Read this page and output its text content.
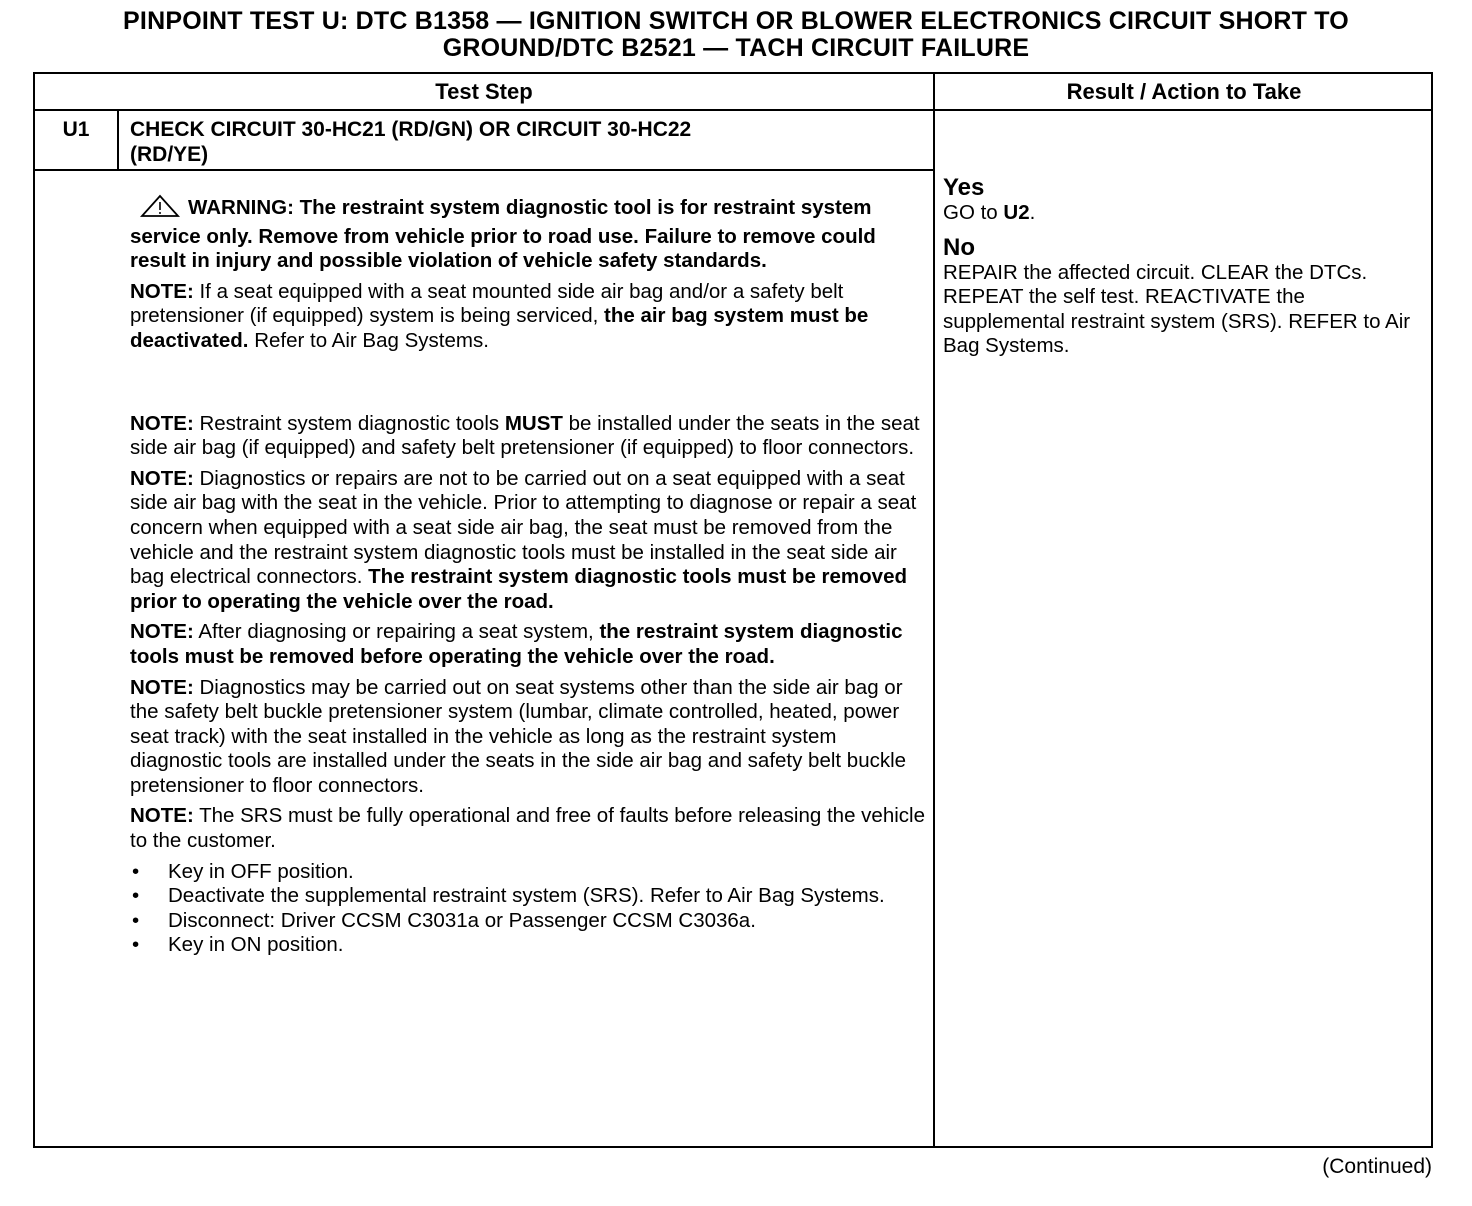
PINPOINT TEST U: DTC B1358 — IGNITION SWITCH OR BLOWER ELECTRONICS CIRCUIT SHORT TO
GROUND/DTC B2521 — TACH CIRCUIT FAILURE
Test Step	Result / Action to Take
U1	CHECK CIRCUIT 30-HC21 (RD/GN) OR CIRCUIT 30-HC22
(RD/YE)

WARNING: The restraint system diagnostic tool is for restraint system service only. Remove from vehicle prior to road use. Failure to remove could result in injury and possible violation of vehicle safety standards.

NOTE: If a seat equipped with a seat mounted side air bag and/or a safety belt pretensioner (if equipped) system is being serviced, the air bag system must be deactivated. Refer to Air Bag Systems.

NOTE: Restraint system diagnostic tools MUST be installed under the seats in the seat side air bag (if equipped) and safety belt pretensioner (if equipped) to floor connectors.

NOTE: Diagnostics or repairs are not to be carried out on a seat equipped with a seat side air bag with the seat in the vehicle. Prior to attempting to diagnose or repair a seat concern when equipped with a seat side air bag, the seat must be removed from the vehicle and the restraint system diagnostic tools must be installed in the seat side air bag electrical connectors. The restraint system diagnostic tools must be removed prior to operating the vehicle over the road.

NOTE: After diagnosing or repairing a seat system, the restraint system diagnostic tools must be removed before operating the vehicle over the road.

NOTE: Diagnostics may be carried out on seat systems other than the side air bag or the safety belt buckle pretensioner system (lumbar, climate controlled, heated, power seat track) with the seat installed in the vehicle as long as the restraint system diagnostic tools are installed under the seats in the side air bag and safety belt buckle pretensioner to floor connectors.

NOTE: The SRS must be fully operational and free of faults before releasing the vehicle to the customer.

• Key in OFF position.
• Deactivate the supplemental restraint system (SRS). Refer to Air Bag Systems.
• Disconnect: Driver CCSM C3031a or Passenger CCSM C3036a.
• Key in ON position.
Yes

GO to U2.

No

REPAIR the affected circuit. CLEAR the DTCs. REPEAT the self test. REACTIVATE the supplemental restraint system (SRS). REFER to Air Bag Systems.

(Continued)
